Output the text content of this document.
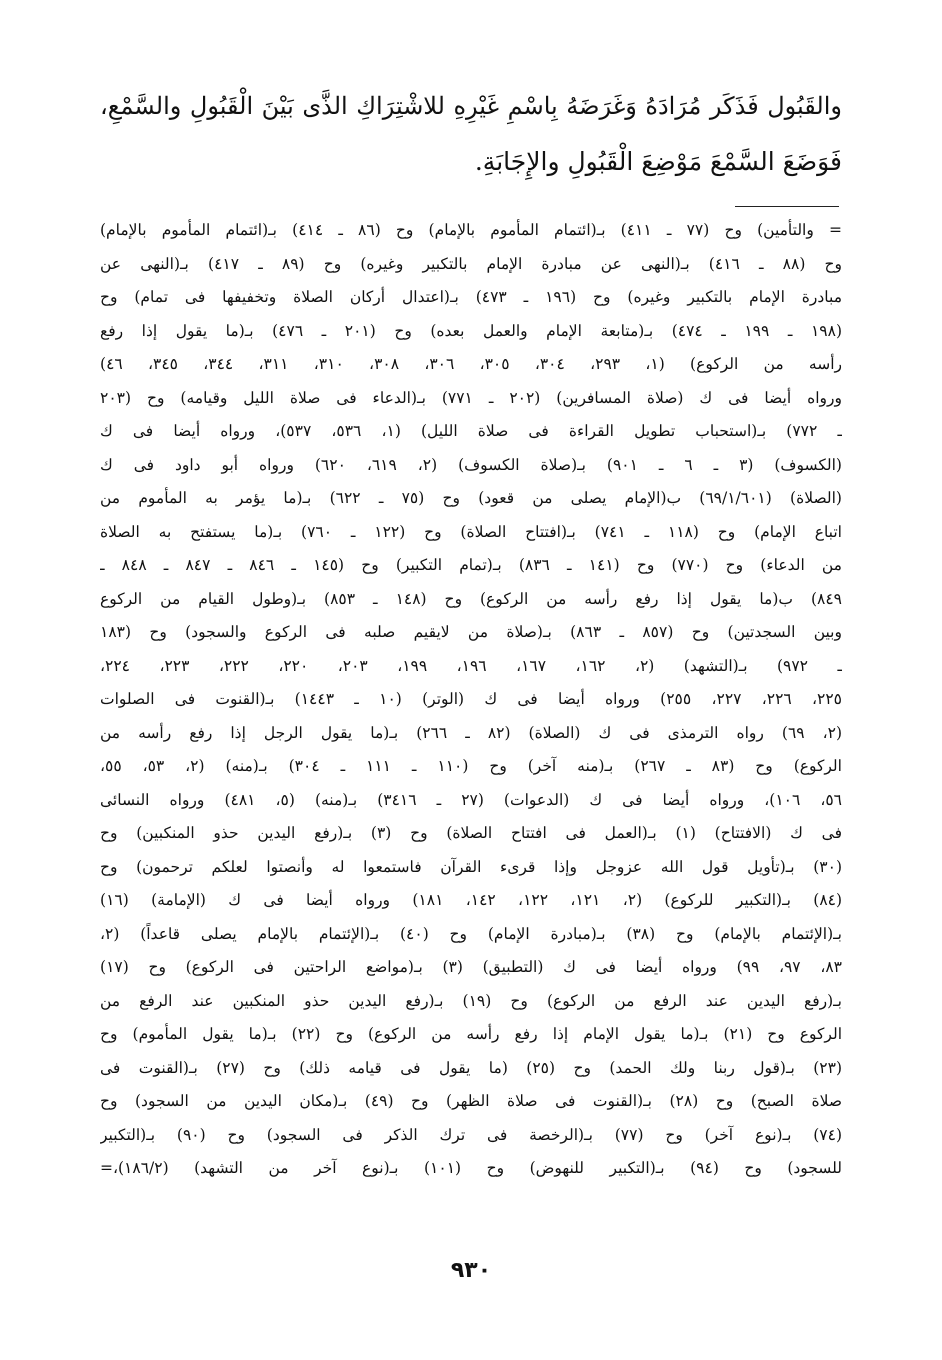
والقَبُول فَذَكَر مُرَادَهُ وَغَرَضَهُ بِاسْمِ غَيْرِهِ للاشْتِرَاكِ الذَّى بَيْنَ الْقَبُولِ والسَّمْعِ،

فَوَضَعَ السَّمْعَ مَوْضِعَ الْقَبُولِ والإِجَابَةِ.

= والتأمين) وح (٧٧ ـ ٤١١) بـ(ائتمام المأموم بالإمام) وح (٨٦ ـ ٤١٤) بـ(ائتمام المأموم بالإمام)
وح (٨٨ ـ ٤١٦) بـ(النهى عن مبادرة الإمام بالتكبير وغيره) وح (٨٩ ـ ٤١٧) بـ(النهى عن
مبادرة الإمام بالتكبير وغيره) وح (١٩٦ ـ ٤٧٣) بـ(اعتدال أركان الصلاة وتخفيفها فى تمام) وح
(١٩٨ ـ ١٩٩ ـ ٤٧٤) بـ(متابعة الإمام والعمل بعده) وح (٢٠١ ـ ٤٧٦) بـ(ما يقول إذا رفع
رأسه من الركوع) (١، ٢٩٣، ٣٠٤، ٣٠٥، ٣٠٦، ٣٠٨، ٣١٠، ٣١١، ٣٤٤، ٣٤٥، ٤٦)
ورواه أيضا فى ك (صلاة المسافرين) (٢٠٢ ـ ٧٧١) بـ(الدعاء فى صلاة الليل وقيامه) وح (٢٠٣
ـ ٧٧٢) بـ(استحباب تطويل القراءة فى صلاة الليل) (١، ٥٣٦، ٥٣٧)، ورواه أيضا فى ك
(الكسوف) (٣ ـ ٦ ـ ٩٠١) بـ(صلاة الكسوف) (٢، ٦١٩، ٦٢٠) ورواه أبو داود فى ك
(الصلاة) (٦٩/١/٦٠١) ب(الإمام يصلى من قعود) وح (٧٥ ـ ٦٢٢) بـ(ما يؤمر به المأموم من
اتباع الإمام) وح (١١٨ ـ ٧٤١) بـ(افتتاح الصلاة) وح (١٢٢ ـ ٧٦٠) بـ(ما يستفتح به الصلاة
من الدعاء) وح (٧٧٠) وح (١٤١ ـ ٨٣٦) بـ(تمام التكبير) وح (١٤٥ ـ ٨٤٦ ـ ٨٤٧ ـ ٨٤٨ ـ
٨٤٩) ب(ما يقول إذا رفع رأسه من الركوع) وح (١٤٨ ـ ٨٥٣) بـ(وطول القيام من الركوع
وبين السجدتين) وح (٨٥٧ ـ ٨٦٣) بـ(صلاة من لايقيم صلبه فى الركوع والسجود) وح (١٨٣
ـ ٩٧٢) بـ(التشهد) (٢، ١٦٢، ١٦٧، ١٩٦، ١٩٩، ٢٠٣، ٢٢٠، ٢٢٢، ٢٢٣، ٢٢٤،
٢٢٥، ٢٢٦، ٢٢٧، ٢٥٥) ورواه أيضا فى ك (الوتر) (١٠ ـ ١٤٤٣) بـ(القنوت فى الصلوات
(٢، ٦٩) رواه الترمذى فى ك (الصلاة) (٨٢ ـ ٢٦٦) بـ(ما يقول الرجل إذا رفع رأسه من
الركوع) وح (٨٣ ـ ٢٦٧) بـ(منه آخر) وح (١١٠ ـ ١١١ ـ ٣٠٤) بـ(منه) (٢، ٥٣، ٥٥،
٥٦، ١٠٦)، ورواه أيضا فى ك (الدعوات) (٢٧ ـ ٣٤١٦) بـ(منه) (٥، ٤٨١) ورواه النسائى
فى ك (الافتتاح) (١) بـ(العمل فى افتتاح الصلاة) وح (٣) بـ(رفع اليدين حذو المنكبين) وح
(٣٠) بـ(تأويل قول الله عزوجل وإذا قرىء القرآن فاستمعوا له وأنصتوا لعلكم ترحمون) وح
(٨٤) بـ(التكبير للركوع) (٢، ١٢١، ١٢٢، ١٤٢، ١٨١) ورواه أيضا فى ك (الإمامة) (١٦)
بـ(الإئتمام بالإمام) وح (٣٨) بـ(مبادرة الإمام) وح (٤٠) بـ(الإئتمام بالإمام يصلى قاعداً) (٢،
٨٣، ٩٧، ٩٩) ورواه أيضا فى ك (التطبيق) (٣) بـ(مواضع الراحتين فى الركوع) وح (١٧)
بـ(رفع اليدين عند الرفع من الركوع) وح (١٩) بـ(رفع اليدين حذو المنكبين عند الرفع من
الركوع وح (٢١) بـ(ما يقول الإمام إذا رفع رأسه من الركوع) وح (٢٢) بـ(ما يقول المأموم) وح
(٢٣) بـ(قول ربنا ولك الحمد) وح (٢٥) (ما يقول فى قيامه ذلك) وح (٢٧) بـ(القنوت فى
صلاة الصبح) وح (٢٨) بـ(القنوت فى صلاة الظهر) وح (٤٩) بـ(مكان اليدين من السجود) وح
(٧٤) بـ(نوع آخر) وح (٧٧) بـ(الرخصة فى ترك الذكر فى السجود) وح (٩٠) بـ(التكبير
للسجود) وح (٩٤) بـ(التكبير للنهوض) وح (١٠١) بـ(نوع آخر من التشهد) (١٨٦/٢)،=
٩٣٠
